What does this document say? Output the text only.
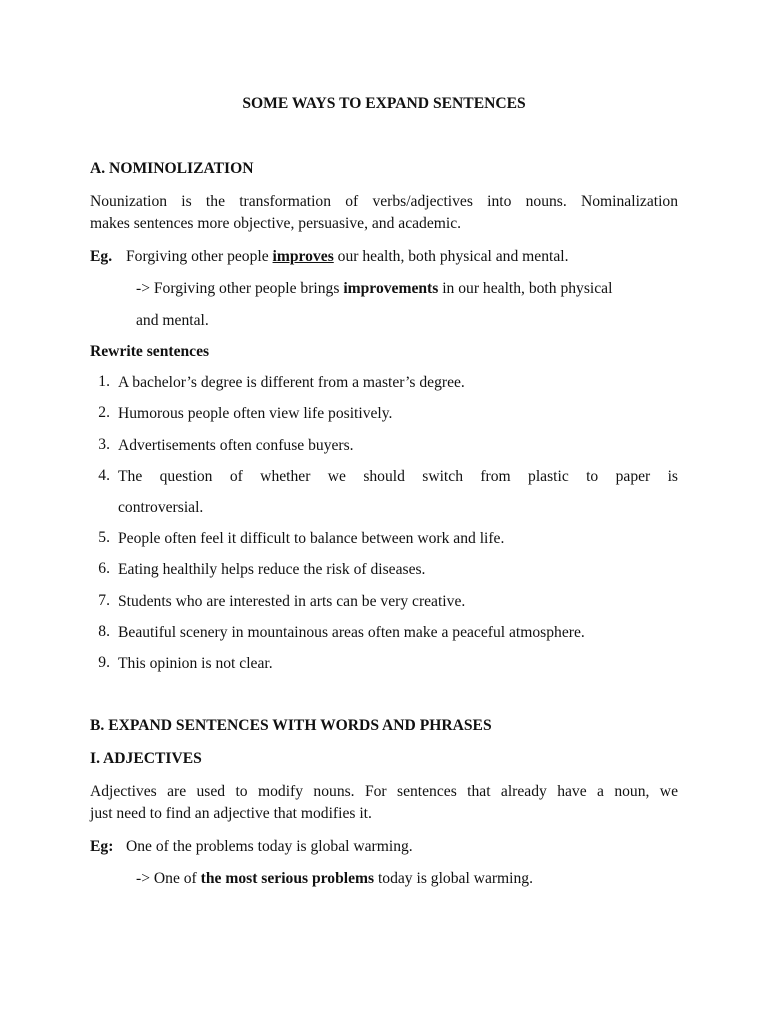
SOME WAYS TO EXPAND SENTENCES
A. NOMINOLIZATION
Nounization is the transformation of verbs/adjectives into nouns. Nominalization
makes sentences more objective, persuasive, and academic.
Eg. Forgiving other people improves our health, both physical and mental.
-> Forgiving other people brings improvements in our health, both physical
and mental.
Rewrite sentences
1. A bachelor’s degree is different from a master’s degree.
2. Humorous people often view life positively.
3. Advertisements often confuse buyers.
4. The question of whether we should switch from plastic to paper is
controversial.
5. People often feel it difficult to balance between work and life.
6. Eating healthily helps reduce the risk of diseases.
7. Students who are interested in arts can be very creative.
8. Beautiful scenery in mountainous areas often make a peaceful atmosphere.
9. This opinion is not clear.
B. EXPAND SENTENCES WITH WORDS AND PHRASES
I. ADJECTIVES
Adjectives are used to modify nouns. For sentences that already have a noun, we
just need to find an adjective that modifies it.
Eg: One of the problems today is global warming.
-> One of the most serious problems today is global warming.
